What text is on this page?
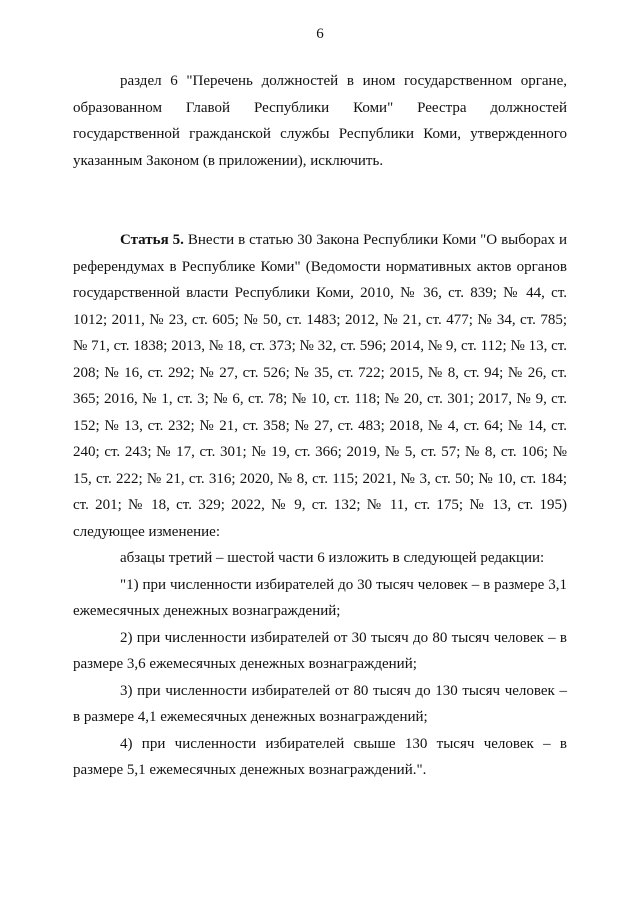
6

раздел 6 "Перечень должностей в ином государственном органе, образованном Главой Республики Коми" Реестра должностей государственной гражданской службы Республики Коми, утвержденного указанным Законом (в приложении), исключить.

Статья 5. Внести в статью 30 Закона Республики Коми "О выборах и референдумах в Республике Коми" (Ведомости нормативных актов органов государственной власти Республики Коми, 2010, № 36, ст. 839; № 44, ст. 1012; 2011, № 23, ст. 605; № 50, ст. 1483; 2012, № 21, ст. 477; № 34, ст. 785; № 71, ст. 1838; 2013, № 18, ст. 373; № 32, ст. 596; 2014, № 9, ст. 112; № 13, ст. 208; № 16, ст. 292; № 27, ст. 526; № 35, ст. 722; 2015, № 8, ст. 94; № 26, ст. 365; 2016, № 1, ст. 3; № 6, ст. 78; № 10, ст. 118; № 20, ст. 301; 2017, № 9, ст. 152; № 13, ст. 232; № 21, ст. 358; № 27, ст. 483; 2018, № 4, ст. 64; № 14, ст. 240; ст. 243; № 17, ст. 301; № 19, ст. 366; 2019, № 5, ст. 57; № 8, ст. 106; № 15, ст. 222; № 21, ст. 316; 2020, № 8, ст. 115; 2021, № 3, ст. 50; № 10, ст. 184; ст. 201; № 18, ст. 329; 2022, № 9, ст. 132; № 11, ст. 175; № 13, ст. 195) следующее изменение:

абзацы третий – шестой части 6 изложить в следующей редакции:

"1) при численности избирателей до 30 тысяч человек – в размере 3,1 ежемесячных денежных вознаграждений;

2) при численности избирателей от 30 тысяч до 80 тысяч человек – в размере 3,6 ежемесячных денежных вознаграждений;

3) при численности избирателей от 80 тысяч до 130 тысяч человек – в размере 4,1 ежемесячных денежных вознаграждений;

4) при численности избирателей свыше 130 тысяч человек – в размере 5,1 ежемесячных денежных вознаграждений.".
